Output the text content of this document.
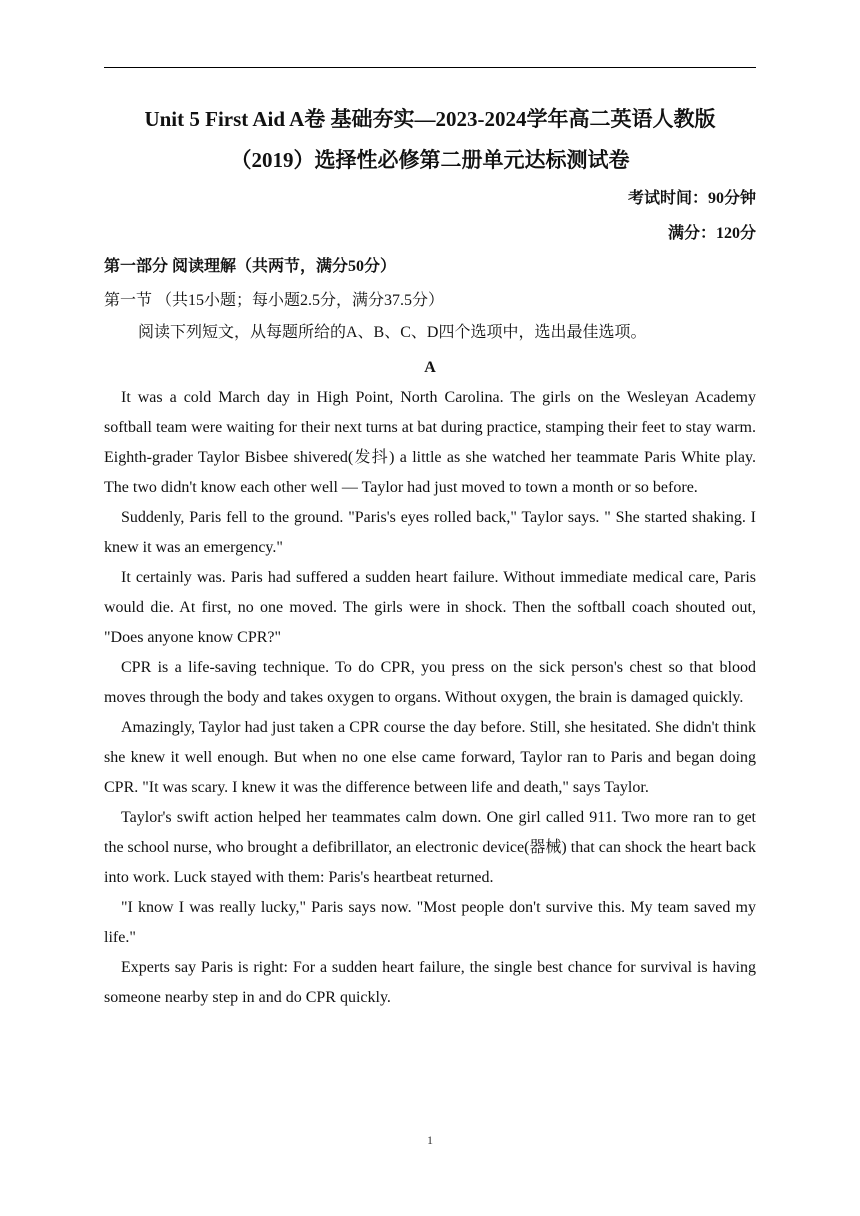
Unit 5 First Aid A卷 基础夯实—2023-2024学年高二英语人教版
（2019）选择性必修第二册单元达标测试卷
考试时间：90分钟
满分：120分
第一部分 阅读理解（共两节，满分50分）
第一节 （共15小题；每小题2.5分，满分37.5分）
阅读下列短文，从每题所给的A、B、C、D四个选项中，选出最佳选项。
A

It was a cold March day in High Point, North Carolina. The girls on the Wesleyan Academy softball team were waiting for their next turns at bat during practice, stamping their feet to stay warm. Eighth-grader Taylor Bisbee shivered(发抖) a little as she watched her teammate Paris White play. The two didn't know each other well — Taylor had just moved to town a month or so before.

Suddenly, Paris fell to the ground. "Paris's eyes rolled back," Taylor says. " She started shaking. I knew it was an emergency."

It certainly was. Paris had suffered a sudden heart failure. Without immediate medical care, Paris would die. At first, no one moved. The girls were in shock. Then the softball coach shouted out, "Does anyone know CPR?"

CPR is a life-saving technique. To do CPR, you press on the sick person's chest so that blood moves through the body and takes oxygen to organs. Without oxygen, the brain is damaged quickly.

Amazingly, Taylor had just taken a CPR course the day before. Still, she hesitated. She didn't think she knew it well enough. But when no one else came forward, Taylor ran to Paris and began doing CPR. "It was scary. I knew it was the difference between life and death," says Taylor.

Taylor's swift action helped her teammates calm down. One girl called 911. Two more ran to get the school nurse, who brought a defibrillator, an electronic device(器械) that can shock the heart back into work. Luck stayed with them: Paris's heartbeat returned.

"I know I was really lucky," Paris says now. "Most people don't survive this. My team saved my life."

Experts say Paris is right: For a sudden heart failure, the single best chance for survival is having someone nearby step in and do CPR quickly.

1
